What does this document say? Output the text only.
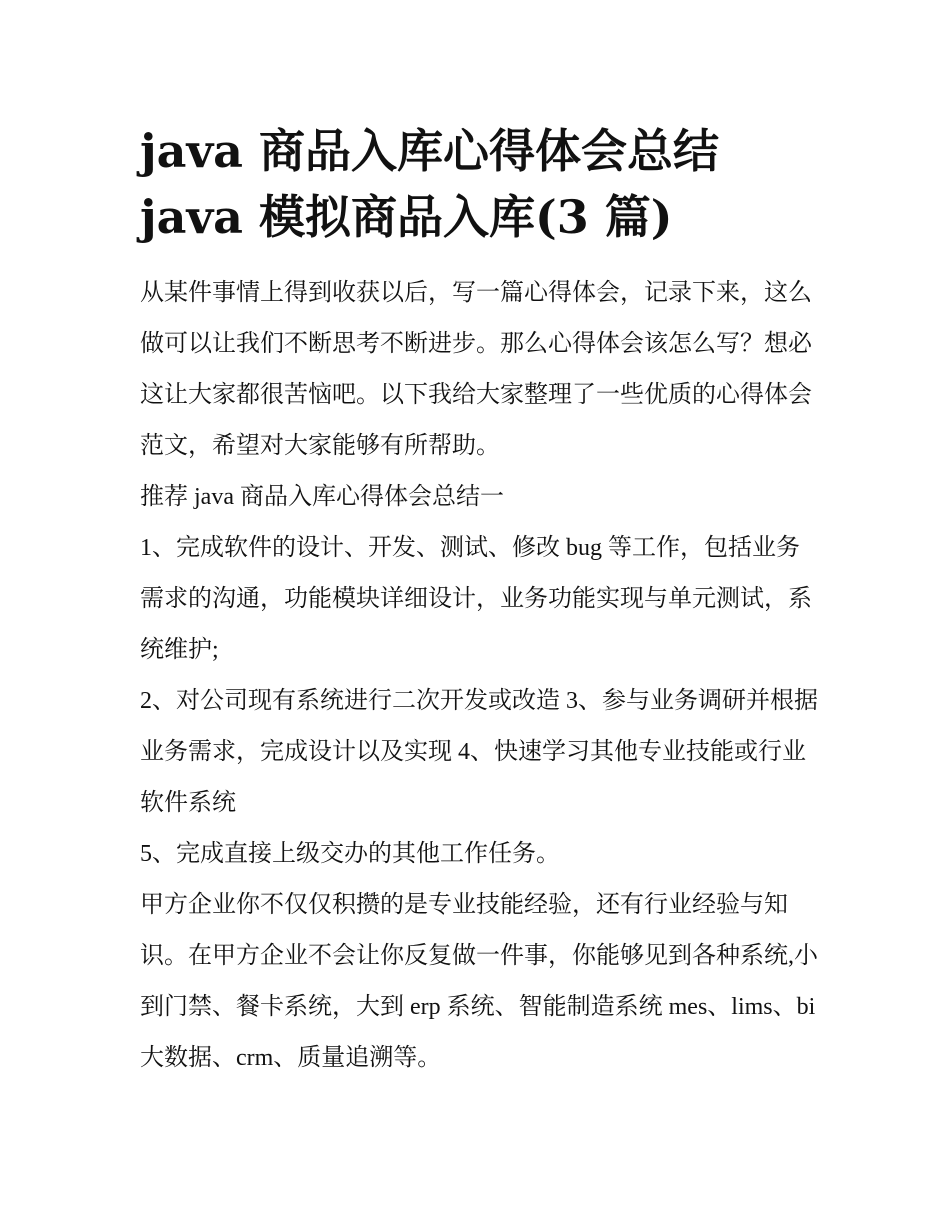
java 商品入库心得体会总结
java 模拟商品入库(3 篇)

从某件事情上得到收获以后，写一篇心得体会，记录下来，这么做可以让我们不断思考不断进步。那么心得体会该怎么写？想必这让大家都很苦恼吧。以下我给大家整理了一些优质的心得体会范文，希望对大家能够有所帮助。

推荐 java 商品入库心得体会总结一

1、完成软件的设计、开发、测试、修改 bug 等工作，包括业务需求的沟通，功能模块详细设计，业务功能实现与单元测试，系统维护;

2、对公司现有系统进行二次开发或改造 3、参与业务调研并根据业务需求，完成设计以及实现 4、快速学习其他专业技能或行业软件系统

5、完成直接上级交办的其他工作任务。

甲方企业你不仅仅积攒的是专业技能经验，还有行业经验与知识。在甲方企业不会让你反复做一件事，你能够见到各种系统,小到门禁、餐卡系统，大到 erp 系统、智能制造系统 mes、lims、bi 大数据、crm、质量追溯等。
